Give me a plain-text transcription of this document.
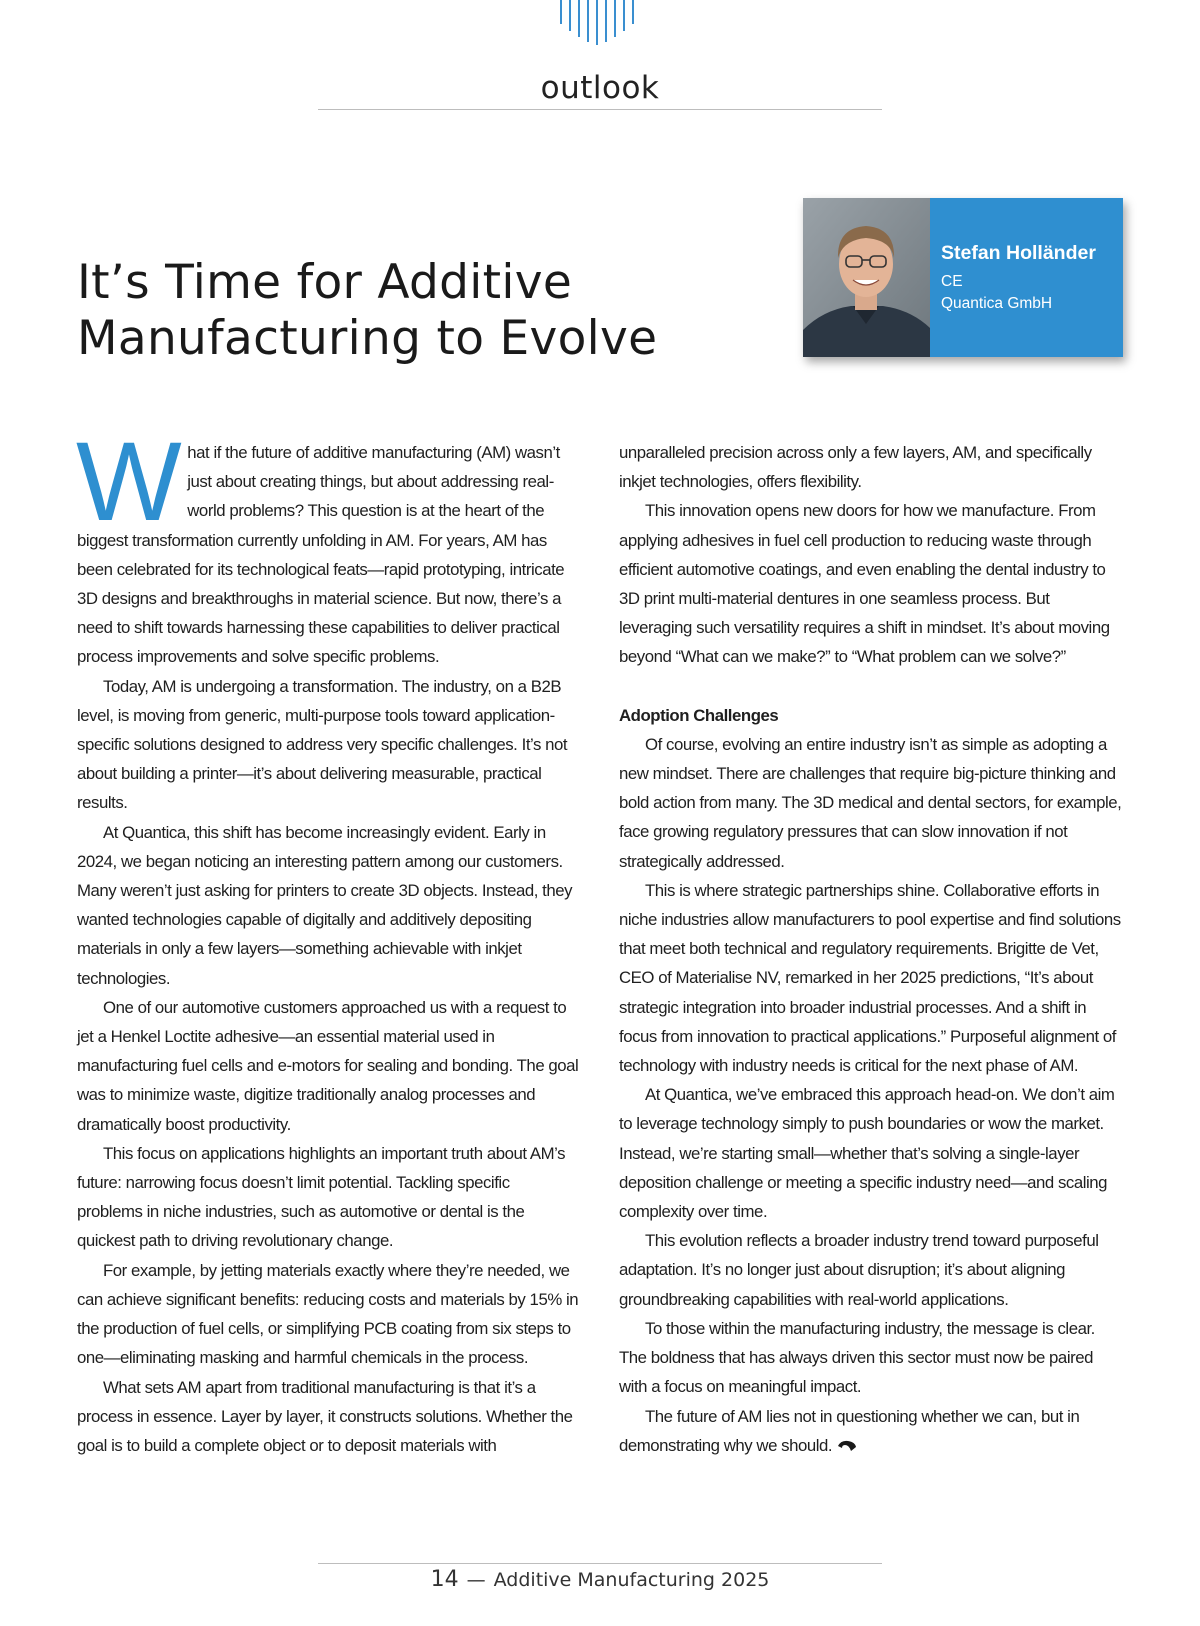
outlook
It’s Time for Additive Manufacturing to Evolve
Stefan Holländer
CE
Quantica GmbH

What if the future of additive manufacturing (AM) wasn’t just about creating things, but about addressing real-world problems? This question is at the heart of the biggest transformation currently unfolding in AM. For years, AM has been celebrated for its technological feats—rapid prototyping, intricate 3D designs and breakthroughs in material science. But now, there’s a need to shift towards harnessing these capabilities to deliver practical process improvements and solve specific problems.

Today, AM is undergoing a transformation. The industry, on a B2B level, is moving from generic, multi-purpose tools toward application-specific solutions designed to address very specific challenges. It’s not about building a printer—it’s about delivering measurable, practical results.

At Quantica, this shift has become increasingly evident. Early in 2024, we began noticing an interesting pattern among our customers. Many weren’t just asking for printers to create 3D objects. Instead, they wanted technologies capable of digitally and additively depositing materials in only a few layers—something achievable with inkjet technologies.

One of our automotive customers approached us with a request to jet a Henkel Loctite adhesive—an essential material used in manufacturing fuel cells and e-motors for sealing and bonding. The goal was to minimize waste, digitize traditionally analog processes and dramatically boost productivity.

This focus on applications highlights an important truth about AM’s future: narrowing focus doesn’t limit potential. Tackling specific problems in niche industries, such as automotive or dental is the quickest path to driving revolutionary change.

For example, by jetting materials exactly where they’re needed, we can achieve significant benefits: reducing costs and materials by 15% in the production of fuel cells, or simplifying PCB coating from six steps to one—eliminating masking and harmful chemicals in the process.

What sets AM apart from traditional manufacturing is that it’s a process in essence. Layer by layer, it constructs solutions. Whether the goal is to build a complete object or to deposit materials with

unparalleled precision across only a few layers, AM, and specifically inkjet technologies, offers flexibility.

This innovation opens new doors for how we manufacture. From applying adhesives in fuel cell production to reducing waste through efficient automotive coatings, and even enabling the dental industry to 3D print multi-material dentures in one seamless process. But leveraging such versatility requires a shift in mindset. It’s about moving beyond “What can we make?” to “What problem can we solve?”

Adoption Challenges

Of course, evolving an entire industry isn’t as simple as adopting a new mindset. There are challenges that require big-picture thinking and bold action from many. The 3D medical and dental sectors, for example, face growing regulatory pressures that can slow innovation if not strategically addressed.

This is where strategic partnerships shine. Collaborative efforts in niche industries allow manufacturers to pool expertise and find solutions that meet both technical and regulatory requirements. Brigitte de Vet, CEO of Materialise NV, remarked in her 2025 predictions, “It’s about strategic integration into broader industrial processes. And a shift in focus from innovation to practical applications.” Purposeful alignment of technology with industry needs is critical for the next phase of AM.

At Quantica, we’ve embraced this approach head-on. We don’t aim to leverage technology simply to push boundaries or wow the market. Instead, we’re starting small—whether that’s solving a single-layer deposition challenge or meeting a specific industry need—and scaling complexity over time.

This evolution reflects a broader industry trend toward purposeful adaptation. It’s no longer just about disruption; it’s about aligning groundbreaking capabilities with real-world applications.

To those within the manufacturing industry, the message is clear. The boldness that has always driven this sector must now be paired with a focus on meaningful impact.

The future of AM lies not in questioning whether we can, but in demonstrating why we should.

14 — Additive Manufacturing 2025
